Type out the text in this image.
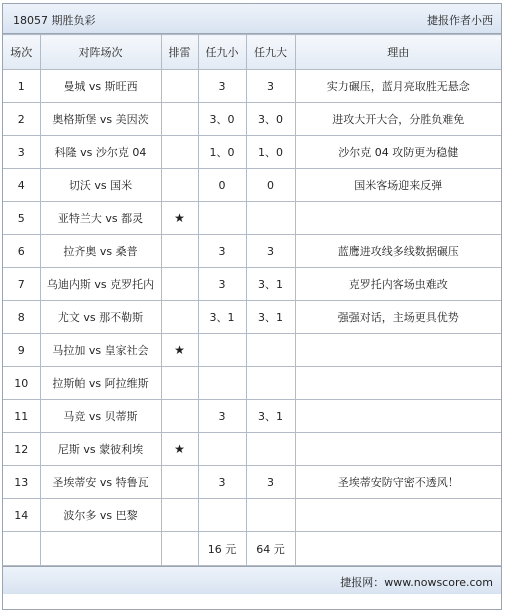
18057 期胜负彩	捷报作者小西
场次	对阵场次	排雷	任九小	任九大	理由
1	曼城 vs 斯旺西		3	3	实力碾压，蓝月亮取胜无悬念
2	奥格斯堡 vs 美因茨		3、0	3、0	进攻大开大合，分胜负难免
3	科隆 vs 沙尔克 04		1、0	1、0	沙尔克 04 攻防更为稳健
4	切沃 vs 国米		0	0	国米客场迎来反弹
5	亚特兰大 vs 都灵	★			
6	拉齐奥 vs 桑普		3	3	蓝鹰进攻线多线数据碾压
7	乌迪内斯 vs 克罗托内		3	3、1	克罗托内客场虫难改
8	尤文 vs 那不勒斯		3、1	3、1	强强对话，主场更具优势
9	马拉加 vs 皇家社会	★			
10	拉斯帕 vs 阿拉维斯				
11	马竞 vs 贝蒂斯		3	3、1	
12	尼斯 vs 蒙彼利埃	★			
13	圣埃蒂安 vs 特鲁瓦		3	3	圣埃蒂安防守密不透风！
14	波尔多 vs 巴黎				
			16 元	64 元	
捷报网：www.nowscore.com
